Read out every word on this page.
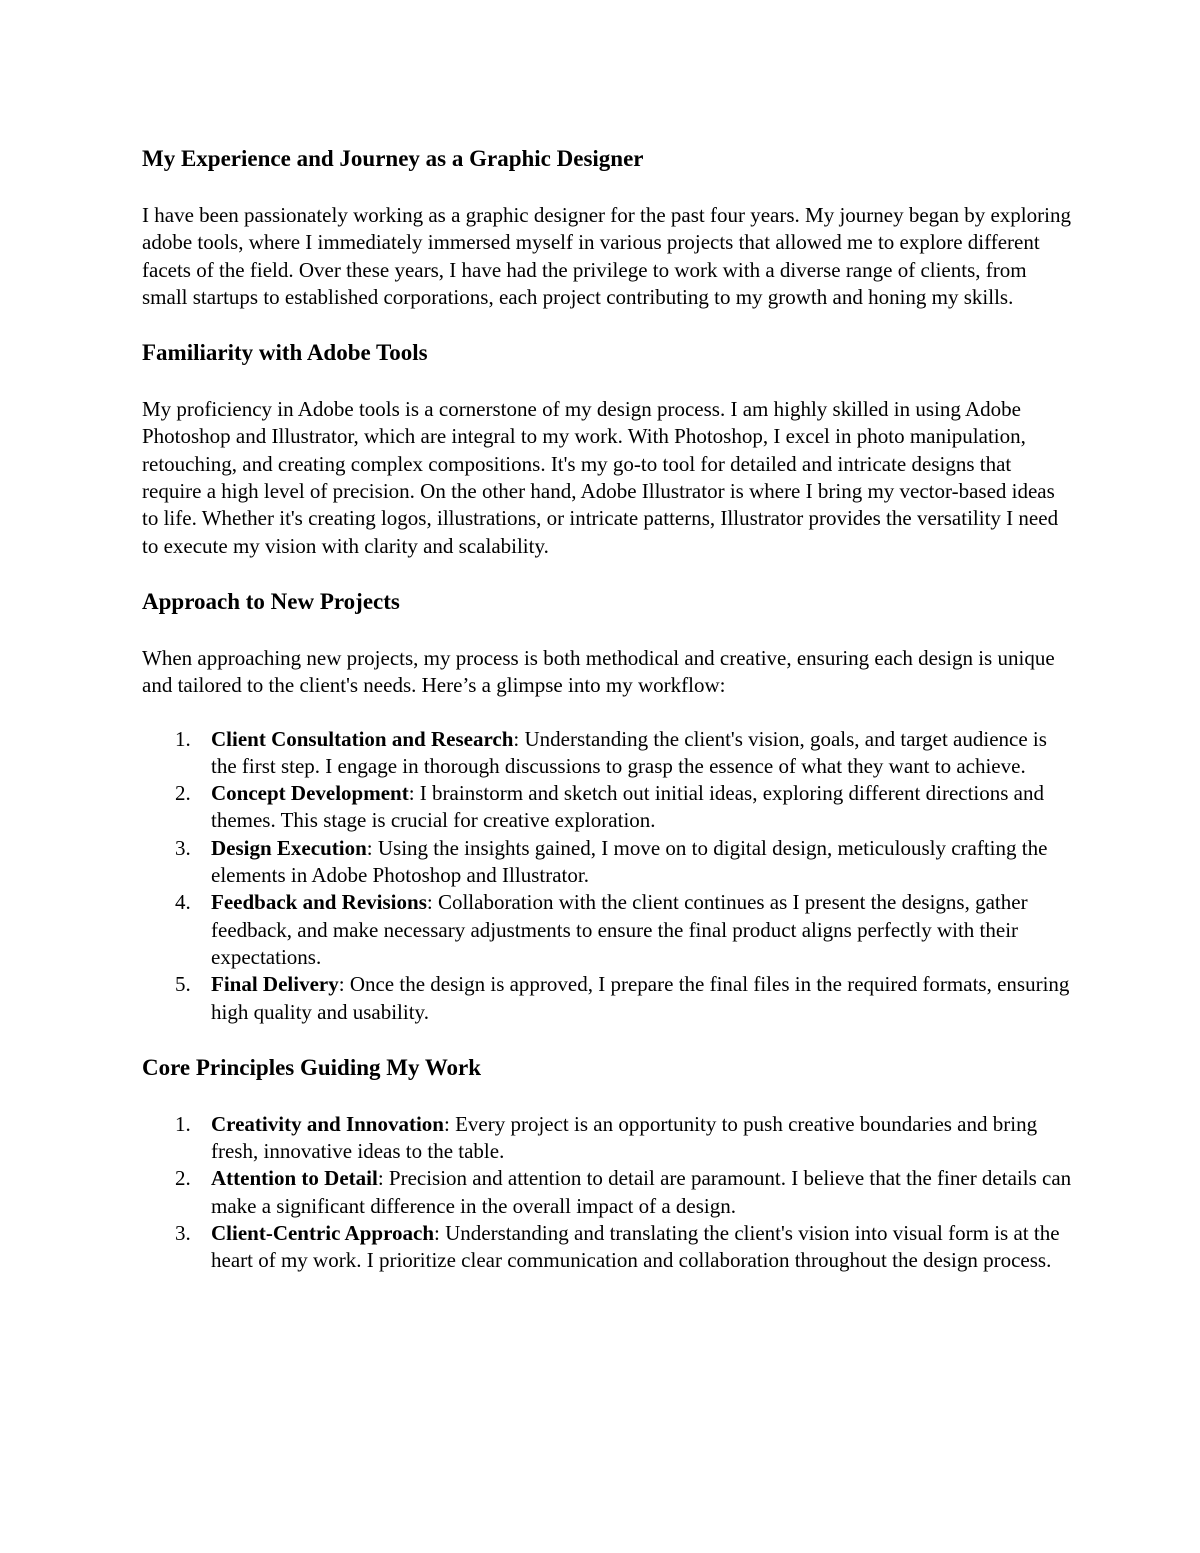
My Experience and Journey as a Graphic Designer

I have been passionately working as a graphic designer for the past four years. My journey began by exploring adobe tools, where I immediately immersed myself in various projects that allowed me to explore different facets of the field. Over these years, I have had the privilege to work with a diverse range of clients, from small startups to established corporations, each project contributing to my growth and honing my skills.

Familiarity with Adobe Tools

My proficiency in Adobe tools is a cornerstone of my design process. I am highly skilled in using Adobe Photoshop and Illustrator, which are integral to my work. With Photoshop, I excel in photo manipulation, retouching, and creating complex compositions. It's my go-to tool for detailed and intricate designs that require a high level of precision. On the other hand, Adobe Illustrator is where I bring my vector-based ideas to life. Whether it's creating logos, illustrations, or intricate patterns, Illustrator provides the versatility I need to execute my vision with clarity and scalability.

Approach to New Projects

When approaching new projects, my process is both methodical and creative, ensuring each design is unique and tailored to the client's needs. Here’s a glimpse into my workflow:

1. Client Consultation and Research: Understanding the client's vision, goals, and target audience is the first step. I engage in thorough discussions to grasp the essence of what they want to achieve.
2. Concept Development: I brainstorm and sketch out initial ideas, exploring different directions and themes. This stage is crucial for creative exploration.
3. Design Execution: Using the insights gained, I move on to digital design, meticulously crafting the elements in Adobe Photoshop and Illustrator.
4. Feedback and Revisions: Collaboration with the client continues as I present the designs, gather feedback, and make necessary adjustments to ensure the final product aligns perfectly with their expectations.
5. Final Delivery: Once the design is approved, I prepare the final files in the required formats, ensuring high quality and usability.
Core Principles Guiding My Work
1. Creativity and Innovation: Every project is an opportunity to push creative boundaries and bring fresh, innovative ideas to the table.
2. Attention to Detail: Precision and attention to detail are paramount. I believe that the finer details can make a significant difference in the overall impact of a design.
3. Client-Centric Approach: Understanding and translating the client's vision into visual form is at the heart of my work. I prioritize clear communication and collaboration throughout the design process.
